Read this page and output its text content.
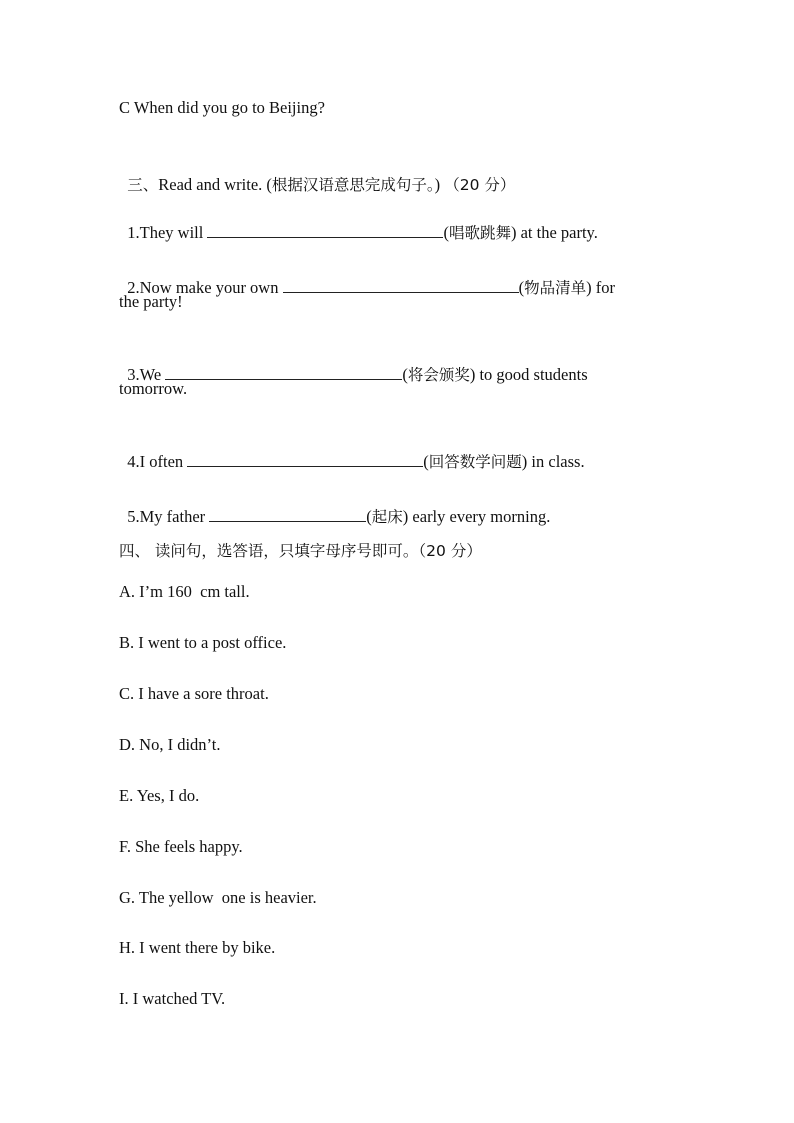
C When did you go to Beijing?

三、Read and write. (根据汉语意思完成句子。) （20 分）

1.They will	(唱歌跳舞) at the party.

2.Now make your own	(物品清单) for

the party!

3.We	(将会颁奖) to good students

tomorrow.

4.I often	(回答数学问题) in class.

5.My father	(起床) early every morning.

四、 读问句，选答语，只填字母序号即可。（20 分）
A. I’m 160  cm tall.
B. I went to a post office.
C. I have a sore throat.
D. No, I didn’t.
E. Yes, I do.
F. She feels happy.
G. The yellow  one is heavier.
H. I went there by bike.
I. I watched TV.
